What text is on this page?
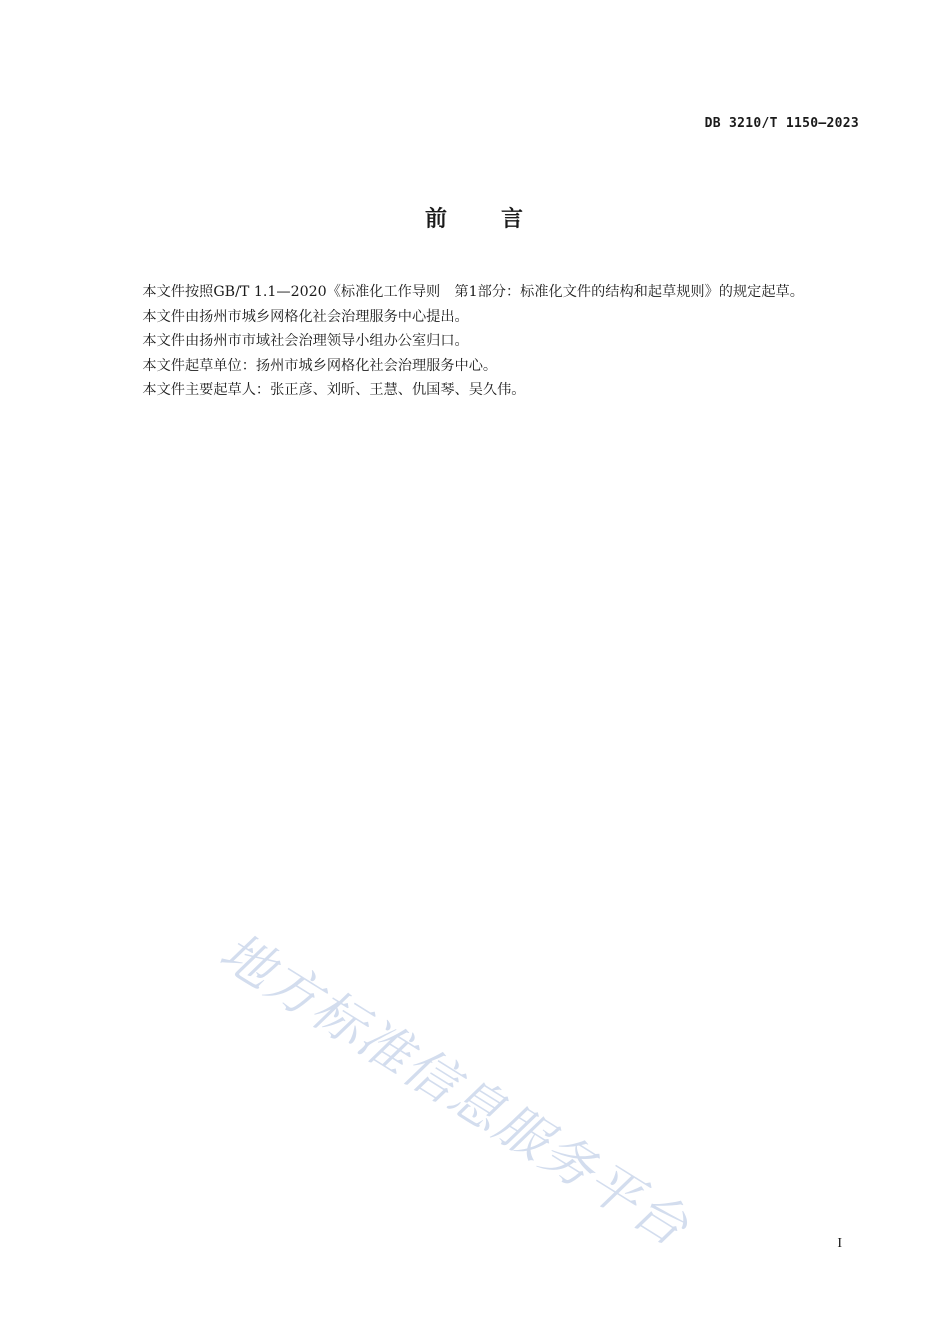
DB 3210/T 1150—2023
前 言

本文件按照GB/T 1.1—2020《标准化工作导则　第1部分：标准化文件的结构和起草规则》的规定起草。

本文件由扬州市城乡网格化社会治理服务中心提出。

本文件由扬州市市域社会治理领导小组办公室归口。

本文件起草单位：扬州市城乡网格化社会治理服务中心。

本文件主要起草人：张正彦、刘昕、王慧、仇国琴、吴久伟。

地方标准信息服务平台	I
